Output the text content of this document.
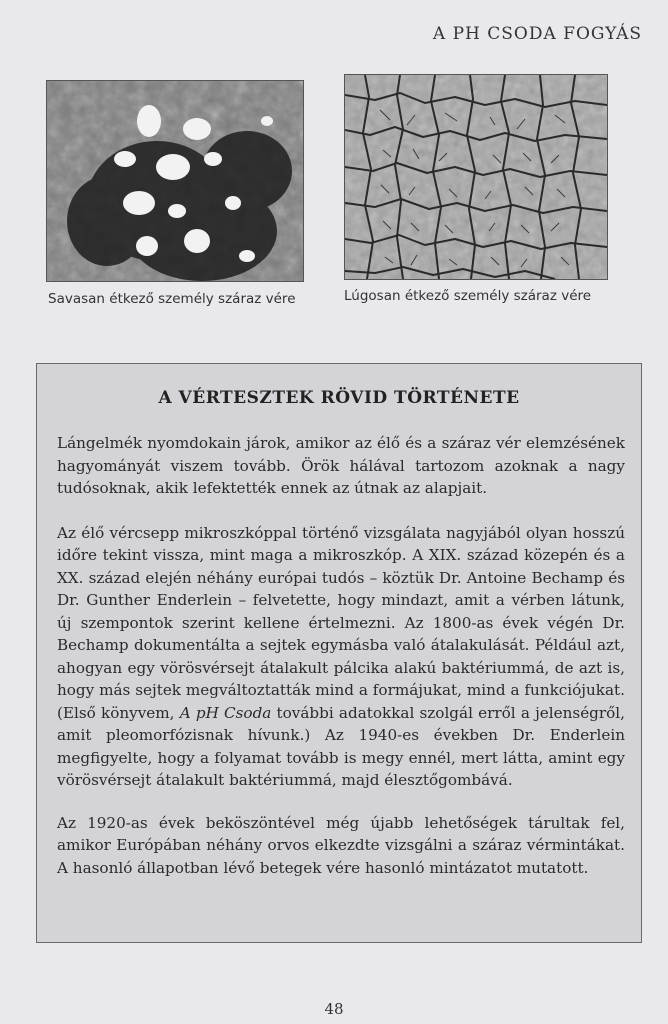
A PH CSODA FOGYÁS
Savasan étkező személy száraz vére	Lúgosan étkező személy száraz vére
A VÉRTESZTEK RÖVID TÖRTÉNETE

Lángelmék nyomdokain járok, amikor az élő és a száraz vér elemzésének hagyományát viszem tovább. Örök hálával tartozom azoknak a nagy tudósoknak, akik lefektették ennek az útnak az alapjait.

Az élő vércsepp mikroszkóppal történő vizsgálata nagyjából olyan hosszú időre tekint vissza, mint maga a mikroszkóp. A XIX. század közepén és a XX. század elején néhány európai tudós – köztük Dr. Antoine Bechamp és Dr. Gunther Enderlein – felvetette, hogy mindazt, amit a vérben látunk, új szempontok szerint kellene értelmezni. Az 1800-as évek végén Dr. Bechamp dokumentálta a sejtek egymásba való átalakulását. Például azt, ahogyan egy vörösvérsejt átalakult pálcika alakú baktériummá, de azt is, hogy más sejtek megváltoztatták mind a formájukat, mind a funkciójukat. (Első könyvem, A pH Csoda további adatokkal szolgál erről a jelenségről, amit pleomorfózisnak hívunk.) Az 1940-es években Dr. Enderlein megfigyelte, hogy a folyamat tovább is megy ennél, mert látta, amint egy vörösvérsejt átalakult baktériummá, majd élesztőgombává.

Az 1920-as évek beköszöntével még újabb lehetőségek tárultak fel, amikor Európában néhány orvos elkezdte vizsgálni a száraz vérmintákat. A hasonló állapotban lévő betegek vére hasonló mintázatot mutatott.

48
